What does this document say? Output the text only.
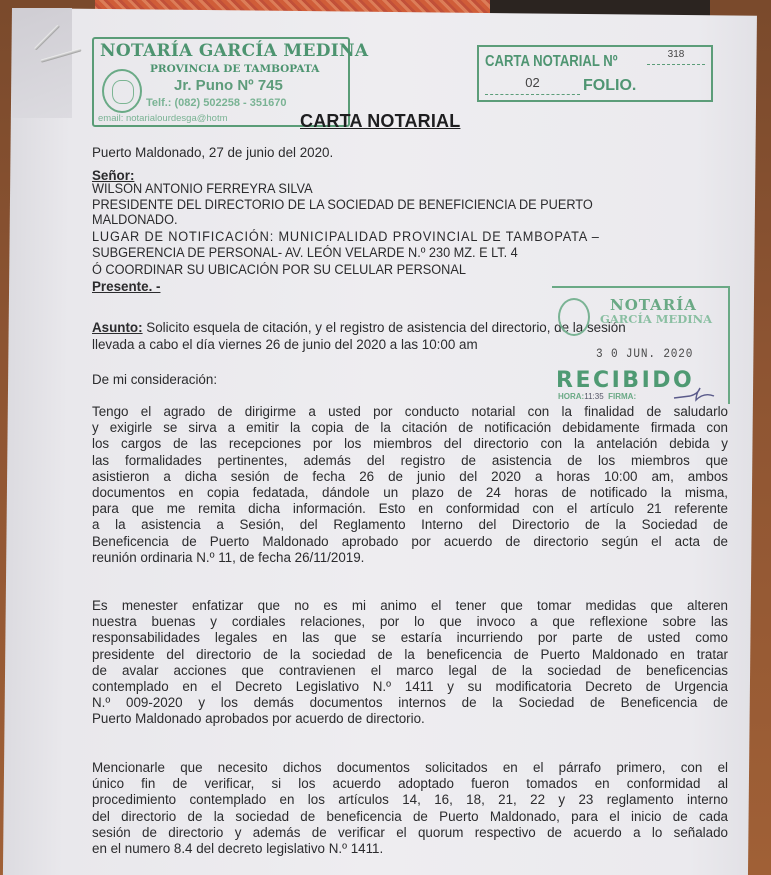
NOTARÍA GARCÍA MEDINA
PROVINCIA DE TAMBOPATA
Jr. Puno Nº 745
Telf.: (082) 502258 - 351670
email: notarialourdesga@hotm
CARTA NOTARIAL Nº	318
02	FOLIO.
CARTA NOTARIAL
Puerto Maldonado, 27 de junio del 2020.
Señor:
WILSON ANTONIO FERREYRA SILVA
PRESIDENTE DEL DIRECTORIO DE LA SOCIEDAD DE BENEFICIENCIA DE PUERTO
MALDONADO.
LUGAR DE NOTIFICACIÓN: MUNICIPALIDAD PROVINCIAL DE TAMBOPATA –
SUBGERENCIA DE PERSONAL- AV. LEÓN VELARDE N.º 230 MZ. E LT. 4
Ó COORDINAR SU UBICACIÓN POR SU CELULAR PERSONAL
Presente. -
Asunto: Solicito esquela de citación, y el registro de asistencia del directorio, de la sesión
llevada a cabo el día viernes 26 de junio del 2020 a las 10:00 am
De mi consideración:
Tengo el agrado de dirigirme a usted por conducto notarial con la finalidad de saludarlo
y exigirle se sirva a emitir la copia de la citación de notificación debidamente firmada con
los cargos de las recepciones por los miembros del directorio con la antelación debida y
las formalidades pertinentes, además del registro de asistencia de los miembros que
asistieron a dicha sesión de fecha 26 de junio del 2020 a horas 10:00 am, ambos
documentos en copia fedatada, dándole un plazo de 24 horas de notificado la misma,
para que me remita dicha información. Esto en conformidad con el artículo 21 referente
a la asistencia a Sesión, del Reglamento Interno del Directorio de la Sociedad de
Beneficencia de Puerto Maldonado aprobado por acuerdo de directorio según el acta de
reunión ordinaria N.º 11, de fecha 26/11/2019.
Es menester enfatizar que no es mi animo el tener que tomar medidas que alteren
nuestra buenas y cordiales relaciones, por lo que invoco a que reflexione sobre las
responsabilidades legales en las que se estaría incurriendo por parte de usted como
presidente del directorio de la sociedad de la beneficencia de Puerto Maldonado en tratar
de avalar acciones que contravienen el marco legal de la sociedad de beneficencias
contemplado en el Decreto Legislativo N.º 1411 y su modificatoria Decreto de Urgencia
N.º 009-2020 y los demás documentos internos de la Sociedad de Beneficencia de
Puerto Maldonado aprobados por acuerdo de directorio.
Mencionarle que necesito dichos documentos solicitados en el párrafo primero, con el
único fin de verificar, si los acuerdo adoptado fueron tomados en conformidad al
procedimiento contemplado en los artículos 14, 16, 18, 21, 22 y 23 reglamento interno
del directorio de la sociedad de beneficencia de Puerto Maldonado, para el inicio de cada
sesión de directorio y además de verificar el quorum respectivo de acuerdo a lo señalado
en el numero 8.4 del decreto legislativo N.º 1411.
NOTARÍA
GARCÍA MEDINA
3 0 JUN. 2020
RECIBIDO
HORA:11:35 FIRMA:
